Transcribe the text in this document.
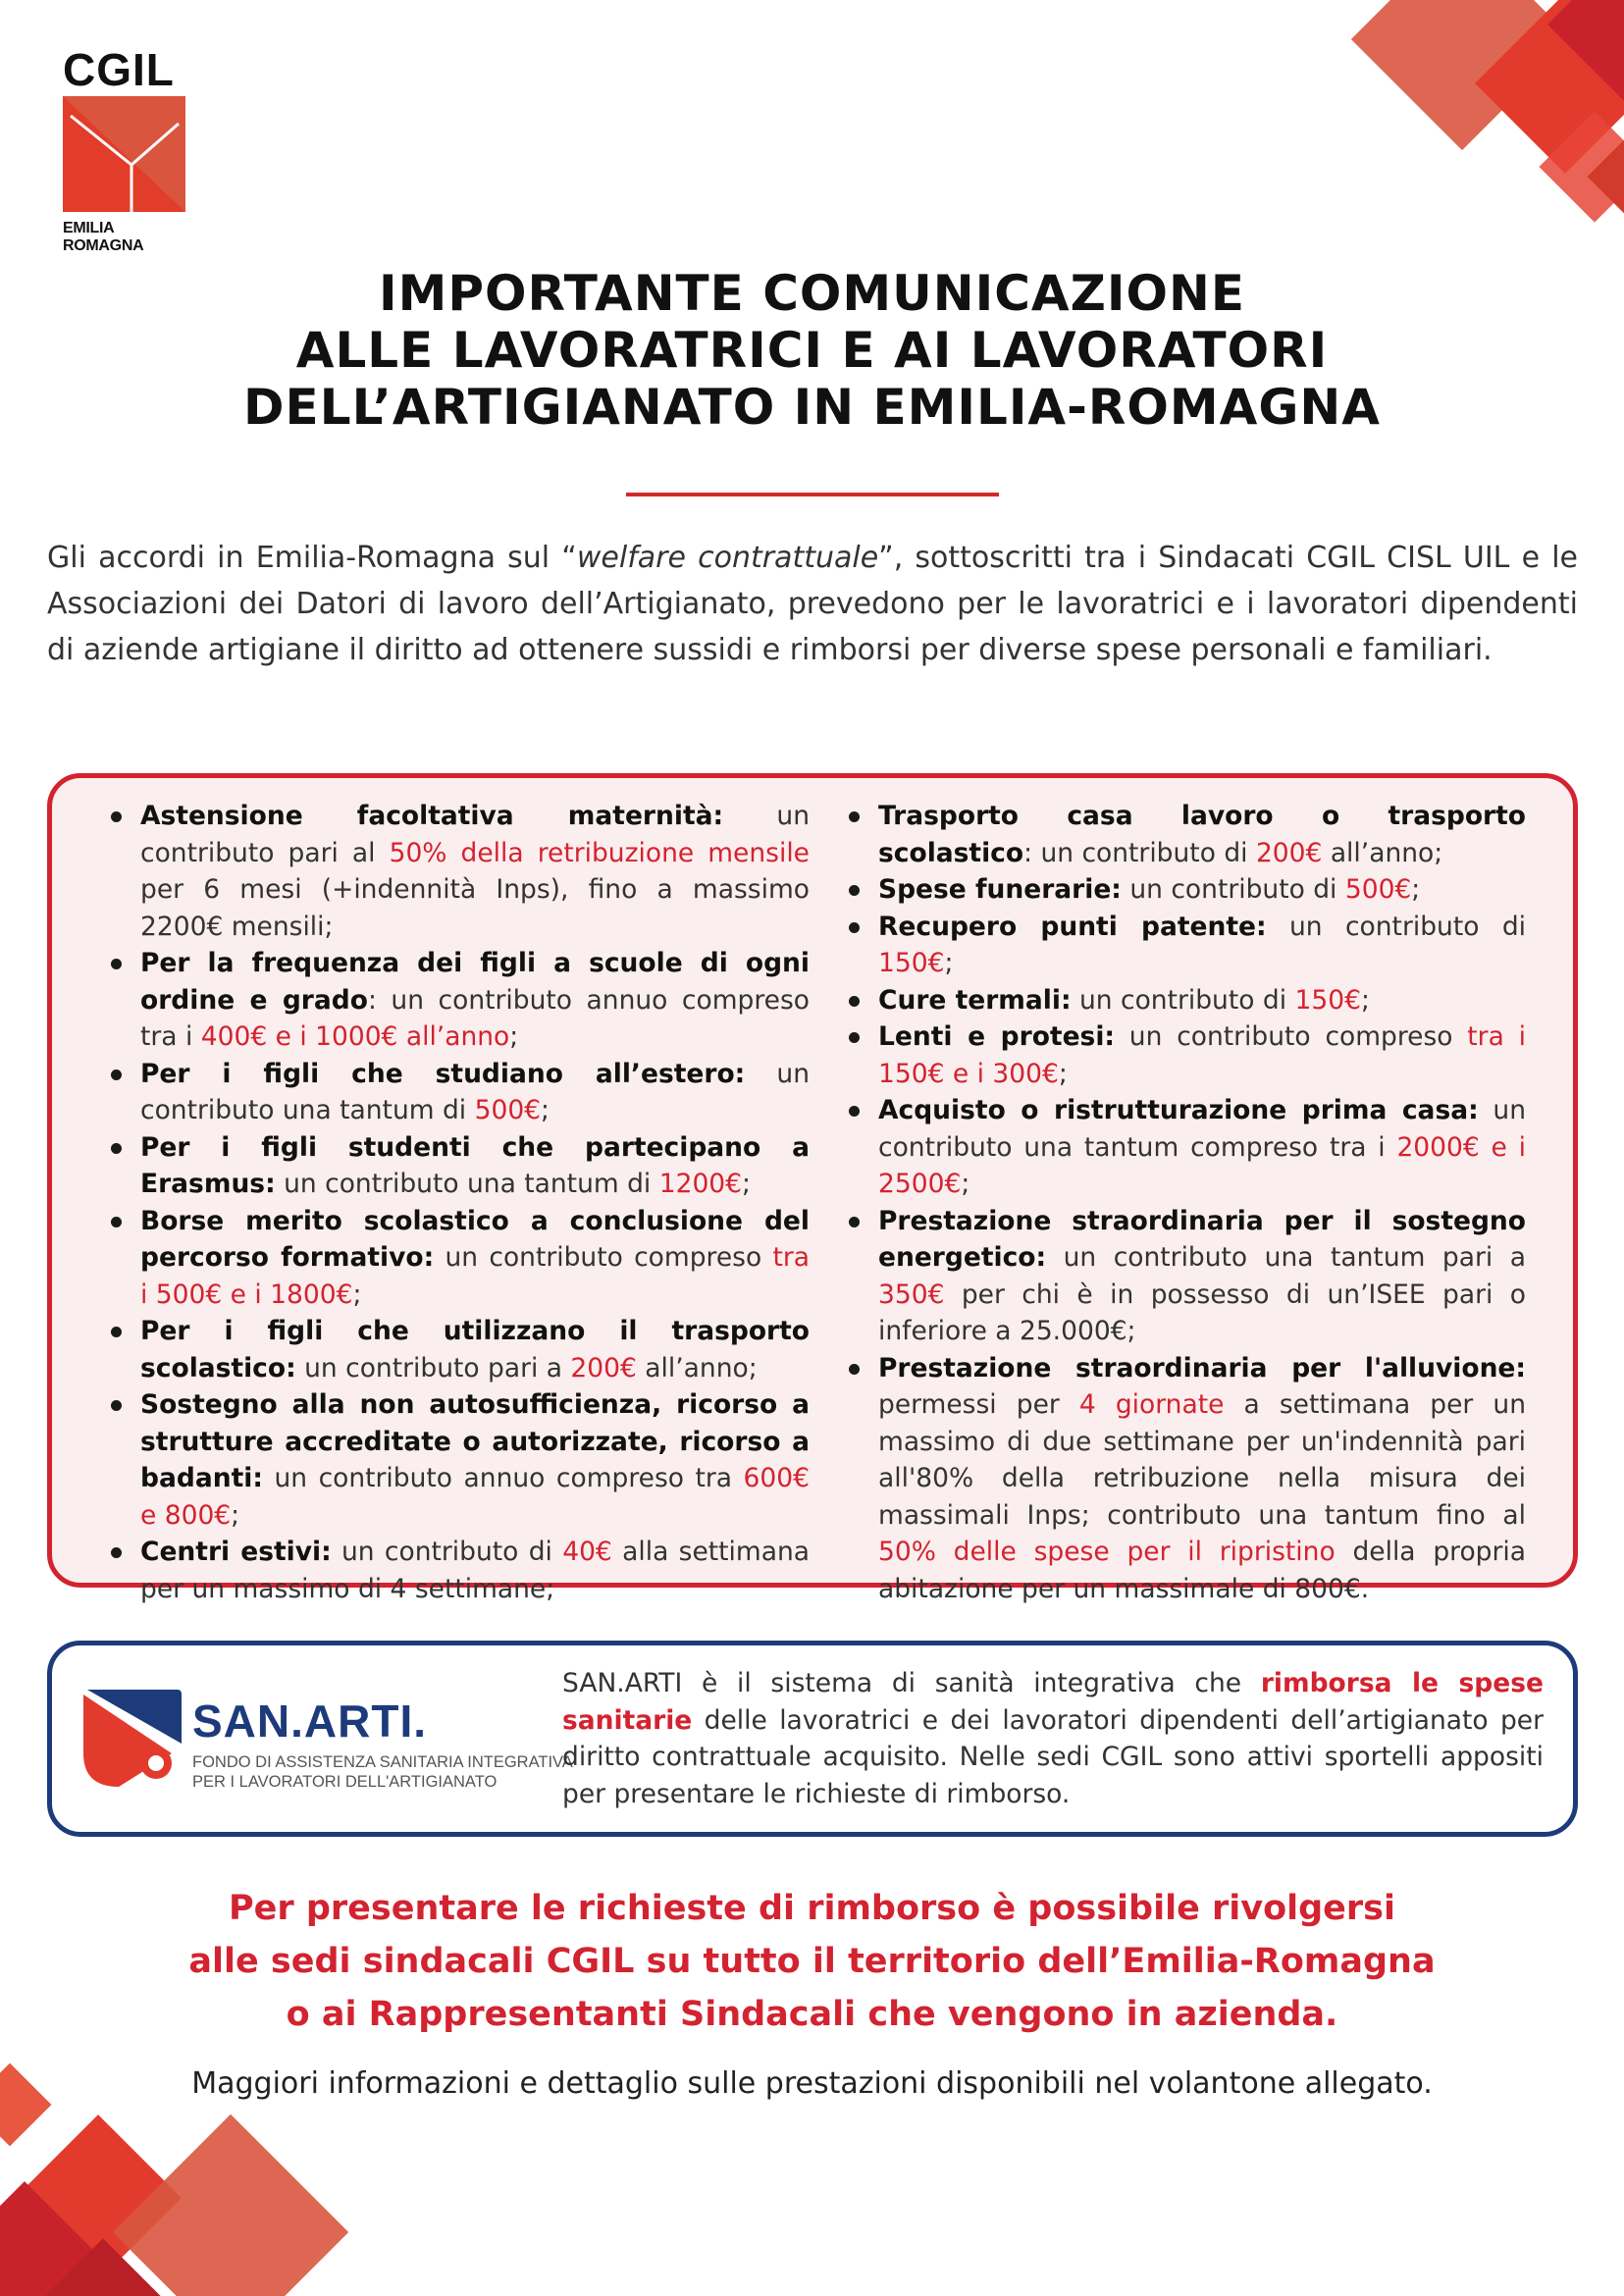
CGIL
EMILIA ROMAGNA
IMPORTANTE COMUNICAZIONE
ALLE LAVORATRICI E AI LAVORATORI
DELL’ARTIGIANATO IN EMILIA-ROMAGNA

Gli accordi in Emilia-Romagna sul “welfare contrattuale”, sottoscritti tra i Sindacati CGIL CISL UIL e le Associazioni dei Datori di lavoro dell’Artigianato, prevedono per le lavoratrici e i lavoratori dipendenti di aziende artigiane il diritto ad ottenere sussidi e rimborsi per diverse spese personali e familiari.

Astensione facoltativa maternità: un contributo pari al 50% della retribuzione mensile per 6 mesi (+indennità Inps), fino a massimo 2200€ mensili;
Per la frequenza dei figli a scuole di ogni ordine e grado: un contributo annuo compreso tra i 400€ e i 1000€ all’anno;
Per i figli che studiano all’estero: un contributo una tantum di 500€;
Per i figli studenti che partecipano a Erasmus: un contributo una tantum di 1200€;
Borse merito scolastico a conclusione del percorso formativo: un contributo compreso tra i 500€ e i 1800€;
Per i figli che utilizzano il trasporto scolastico: un contributo pari a 200€ all’anno;
Sostegno alla non autosufficienza, ricorso a strutture accreditate o autorizzate, ricorso a badanti: un contributo annuo compreso tra 600€ e 800€;
Centri estivi: un contributo di 40€ alla settimana per un massimo di 4 settimane;
Trasporto casa lavoro o trasporto scolastico: un contributo di 200€ all’anno;
Spese funerarie: un contributo di 500€;
Recupero punti patente: un contributo di 150€;
Cure termali: un contributo di 150€;
Lenti e protesi: un contributo compreso tra i 150€ e i 300€;
Acquisto o ristrutturazione prima casa: un contributo una tantum compreso tra i 2000€ e i 2500€;
Prestazione straordinaria per il sostegno energetico: un contributo una tantum pari a 350€ per chi è in possesso di un’ISEE pari o inferiore a 25.000€;
Prestazione straordinaria per l'alluvione: permessi per 4 giornate a settimana per un massimo di due settimane per un'indennità pari all'80% della retribuzione nella misura dei massimali Inps; contributo una tantum fino al 50% delle spese per il ripristino della propria abitazione per un massimale di 800€.
SAN.ARTI.
FONDO DI ASSISTENZA SANITARIA INTEGRATIVA
PER I LAVORATORI DELL'ARTIGIANATO

SAN.ARTI è il sistema di sanità integrativa che rimborsa le spese sanitarie delle lavoratrici e dei lavoratori dipendenti dell’artigianato per diritto contrattuale acquisito. Nelle sedi CGIL sono attivi sportelli appositi per presentare le richieste di rimborso.

Per presentare le richieste di rimborso è possibile rivolgersi
alle sedi sindacali CGIL su tutto il territorio dell’Emilia-Romagna
o ai Rappresentanti Sindacali che vengono in azienda.
Maggiori informazioni e dettaglio sulle prestazioni disponibili nel volantone allegato.
